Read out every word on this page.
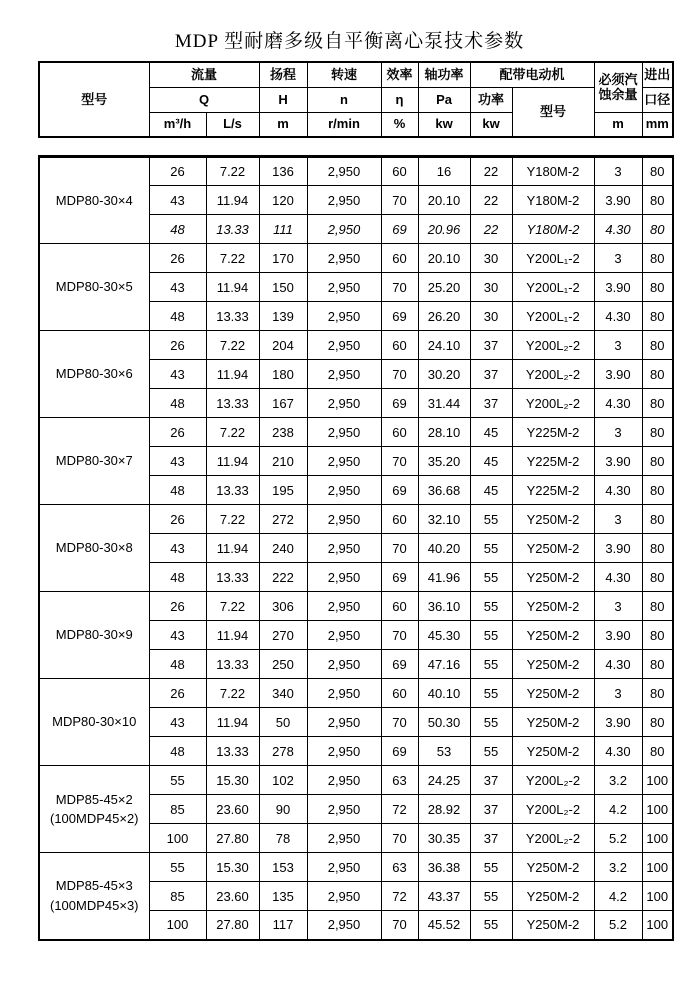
MDP 型耐磨多级自平衡离心泵技术参数
型号	流量		扬程	转速	效率	轴功率	配带电动机		必须汽蚀余量	进出
	Q		H	n	η	Pa	功率	型号		口径
	m³/h	L/s	m	r/min	%	kw	kw		m	mm
MDP80-30×4	26	7.22	136	2,950	60	16	22	Y180M-2	3	80
	43	11.94	120	2,950	70	20.10	22	Y180M-2	3.90	80
	48	13.33	111	2,950	69	20.96	22	Y180M-2	4.30	80

MDP80-30×5	26	7.22	170	2,950	60	20.10	30	Y200L₁-2	3	80
	43	11.94	150	2,950	70	25.20	30	Y200L₁-2	3.90	80
	48	13.33	139	2,950	69	26.20	30	Y200L₁-2	4.30	80

MDP80-30×6	26	7.22	204	2,950	60	24.10	37	Y200L₂-2	3	80
	43	11.94	180	2,950	70	30.20	37	Y200L₂-2	3.90	80
	48	13.33	167	2,950	69	31.44	37	Y200L₂-2	4.30	80

MDP80-30×7	26	7.22	238	2,950	60	28.10	45	Y225M-2	3	80
	43	11.94	210	2,950	70	35.20	45	Y225M-2	3.90	80
	48	13.33	195	2,950	69	36.68	45	Y225M-2	4.30	80

MDP80-30×8	26	7.22	272	2,950	60	32.10	55	Y250M-2	3	80
	43	11.94	240	2,950	70	40.20	55	Y250M-2	3.90	80
	48	13.33	222	2,950	69	41.96	55	Y250M-2	4.30	80

MDP80-30×9	26	7.22	306	2,950	60	36.10	55	Y250M-2	3	80
	43	11.94	270	2,950	70	45.30	55	Y250M-2	3.90	80
	48	13.33	250	2,950	69	47.16	55	Y250M-2	4.30	80

MDP80-30×10	26	7.22	340	2,950	60	40.10	55	Y250M-2	3	80
	43	11.94	50	2,950	70	50.30	55	Y250M-2	3.90	80
	48	13.33	278	2,950	69	53	55	Y250M-2	4.30	80

MDP85-45×2
(100MDP45×2)	55	15.30	102	2,950	63	24.25	37	Y200L₂-2	3.2	100
	85	23.60	90	2,950	72	28.92	37	Y200L₂-2	4.2	100
	100	27.80	78	2,950	70	30.35	37	Y200L₂-2	5.2	100

MDP85-45×3
(100MDP45×3)	55	15.30	153	2,950	63	36.38	55	Y250M-2	3.2	100
	85	23.60	135	2,950	72	43.37	55	Y250M-2	4.2	100
	100	27.80	117	2,950	70	45.52	55	Y250M-2	5.2	100
